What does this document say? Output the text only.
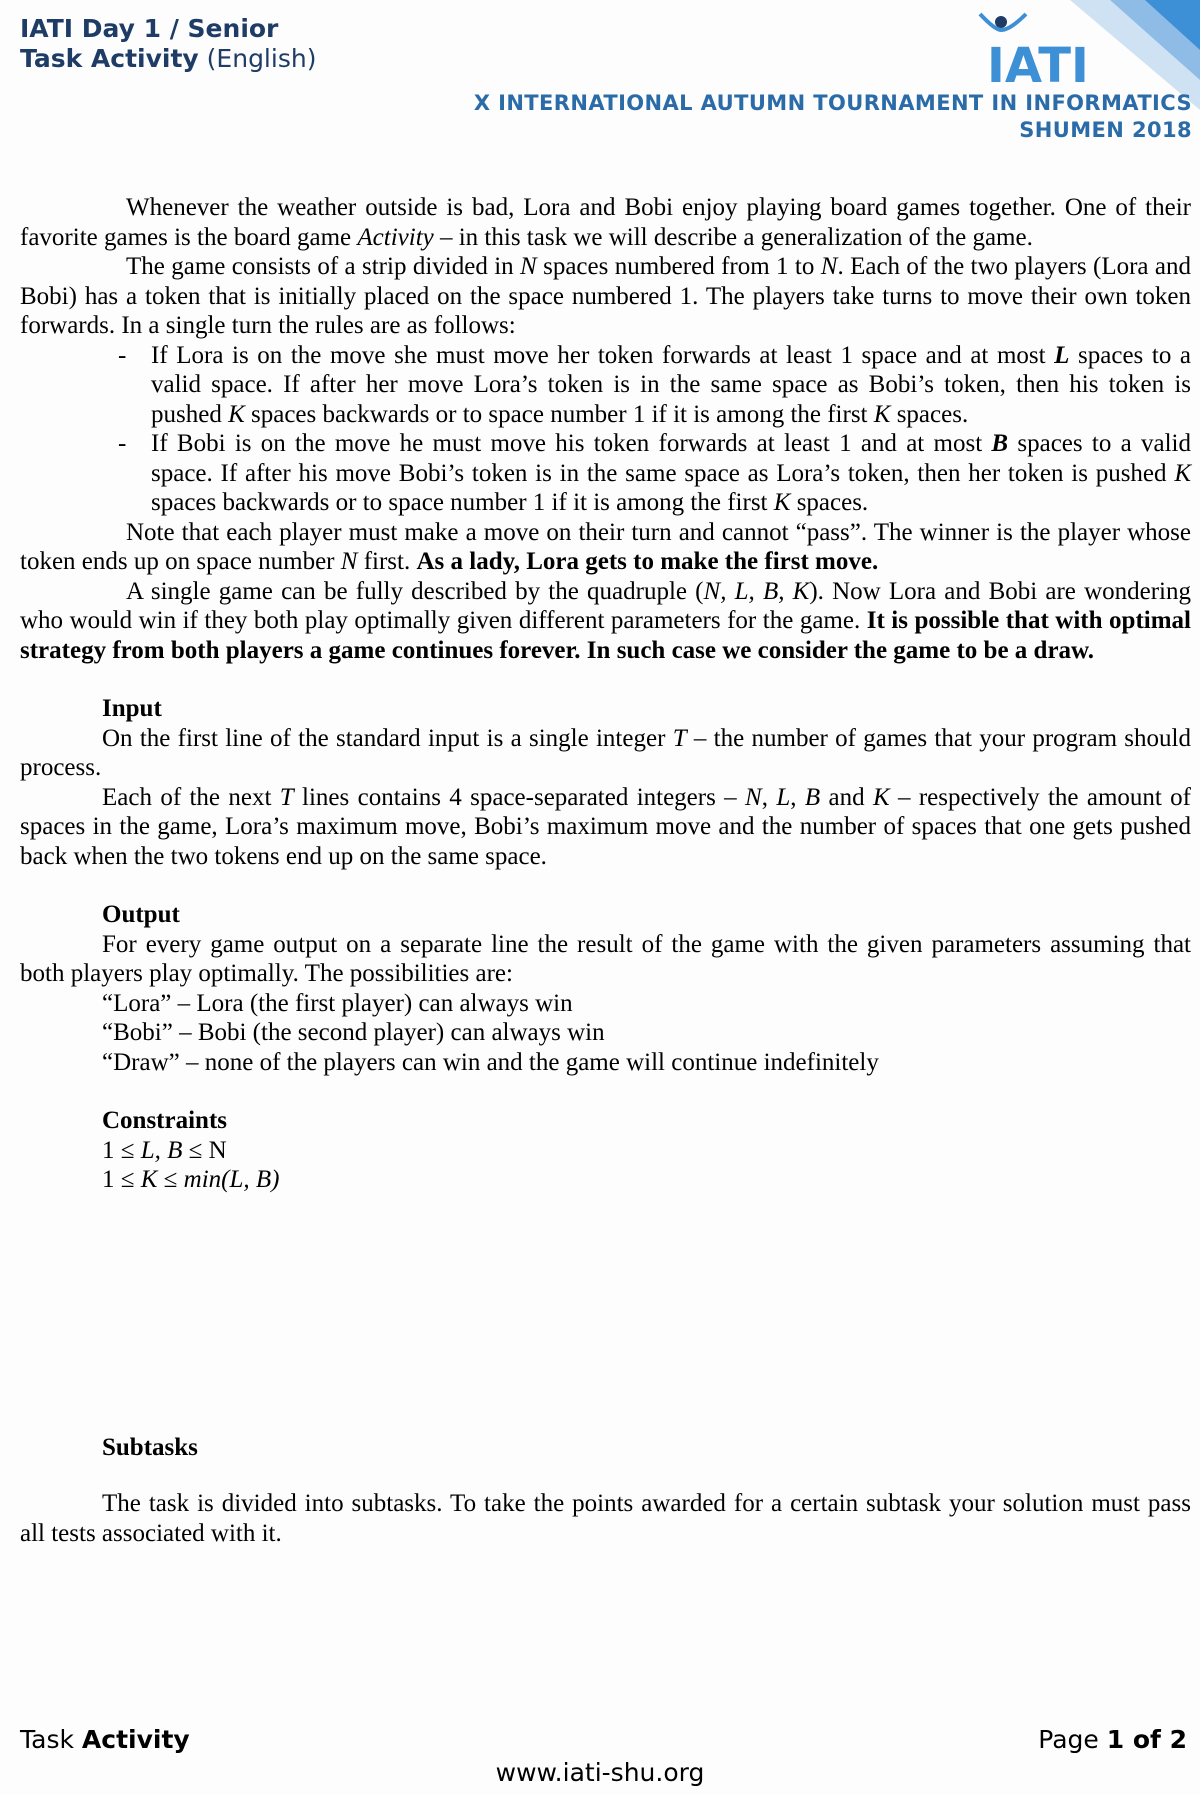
IATI Day 1 / Senior
Task Activity (English)	IATI
X INTERNATIONAL AUTUMN TOURNAMENT IN INFORMATICS
SHUMEN 2018

Whenever the weather outside is bad, Lora and Bobi enjoy playing board games together. One of their favorite games is the board game Activity – in this task we will describe a generalization of the game.

The game consists of a strip divided in N spaces numbered from 1 to N. Each of the two players (Lora and Bobi) has a token that is initially placed on the space numbered 1. The players take turns to move their own token forwards. In a single turn the rules are as follows:

- If Lora is on the move she must move her token forwards at least 1 space and at most L spaces to a valid space. If after her move Lora’s token is in the same space as Bobi’s token, then his token is pushed K spaces backwards or to space number 1 if it is among the first K spaces.
- If Bobi is on the move he must move his token forwards at least 1 and at most B spaces to a valid space. If after his move Bobi’s token is in the same space as Lora’s token, then her token is pushed K spaces backwards or to space number 1 if it is among the first K spaces.

Note that each player must make a move on their turn and cannot “pass”. The winner is the player whose token ends up on space number N first. As a lady, Lora gets to make the first move.

A single game can be fully described by the quadruple (N, L, B, K). Now Lora and Bobi are wondering who would win if they both play optimally given different parameters for the game. It is possible that with optimal strategy from both players a game continues forever. In such case we consider the game to be a draw.

Input

On the first line of the standard input is a single integer T – the number of games that your program should process.

Each of the next T lines contains 4 space-separated integers – N, L, B and K – respectively the amount of spaces in the game, Lora’s maximum move, Bobi’s maximum move and the number of spaces that one gets pushed back when the two tokens end up on the same space.

Output

For every game output on a separate line the result of the game with the given parameters assuming that both players play optimally. The possibilities are:

“Lora” – Lora (the first player) can always win
“Bobi” – Bobi (the second player) can always win
“Draw” – none of the players can win and the game will continue indefinitely
Constraints
1 ≤ L, B ≤ N
1 ≤ K ≤ min(L, B)
Subtasks

The task is divided into subtasks. To take the points awarded for a certain subtask your solution must pass all tests associated with it.

Task Activity	Page 1 of 2
www.iati-shu.org
